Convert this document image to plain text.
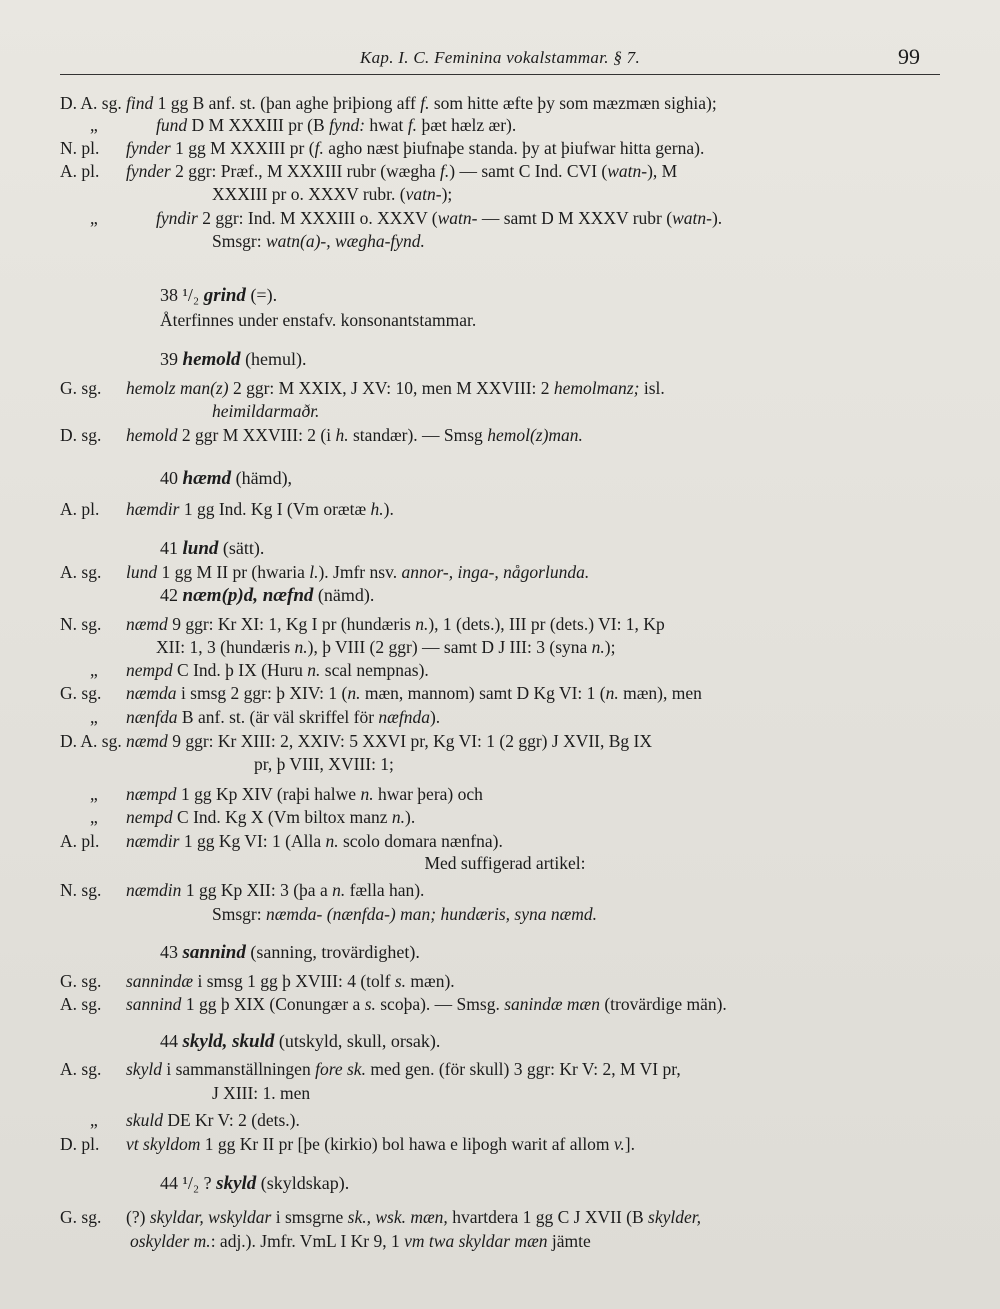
Kap. I. C. Feminina vokalstammar. § 7.	99
D. A. sg. find 1 gg B anf. st. (þan aghe þriþiong aff f. som hitte æfte þy som mæzmæn sighia);
„	fund D M XXXIII pr (B fynd: hwat f. þæt hælz ær).
N. pl. fynder 1 gg M XXXIII pr (f. agho næst þiufnaþe standa. þy at þiufwar hitta gerna).
A. pl. fynder 2 ggr: Præf., M XXXIII rubr (wægha f.) — samt C Ind. CVI (watn-), M
XXXIII pr o. XXXV rubr. (vatn-);
„	fyndir 2 ggr: Ind. M XXXIII o. XXXV (watn- — samt D M XXXV rubr (watn-).
Smsgr: watn(a)-, wægha-fynd.
38 ¹/₂ grind (=).
Återfinnes under enstafv. konsonantstammar.
39 hemold (hemul).
G. sg. hemolz man(z) 2 ggr: M XXIX, J XV: 10, men M XXVIII: 2 hemolmanz; isl.
heimildarmaðr.
D. sg. hemold 2 ggr M XXVIII: 2 (i h. standær). — Smsg hemol(z)man.
40 hæmd (hämd),
A. pl. hæmdir 1 gg Ind. Kg I (Vm orætæ h.).
41 lund (sätt).
A. sg. lund 1 gg M II pr (hwaria l.). Jmfr nsv. annor-, inga-, någorlunda.
42 næm(p)d, næfnd (nämd).
N. sg. næmd 9 ggr: Kr XI: 1, Kg I pr (hundæris n.), 1 (dets.), III pr (dets.) VI: 1, Kp
XII: 1, 3 (hundæris n.), þ VIII (2 ggr) — samt D J III: 3 (syna n.);
„ nempd C Ind. þ IX (Huru n. scal nempnas).
G. sg. næmda i smsg 2 ggr: þ XIV: 1 (n. mæn, mannom) samt D Kg VI: 1 (n. mæn), men
„ nænfda B anf. st. (är väl skriffel för næfnda).
D. A. sg. næmd 9 ggr: Kr XIII: 2, XXIV: 5 XXVI pr, Kg VI: 1 (2 ggr) J XVII, Bg IX
pr, þ VIII, XVIII: 1;
„ næmpd 1 gg Kp XIV (raþi halwe n. hwar þera) och
„ nempd C Ind. Kg X (Vm biltox manz n.).
A. pl. næmdir 1 gg Kg VI: 1 (Alla n. scolo domara nænfna).
Med suffigerad artikel:
N. sg. næmdin 1 gg Kp XII: 3 (þa a n. fælla han).
Smsgr: næmda- (nænfda-) man; hundæris, syna næmd.
43 sannind (sanning, trovärdighet).
G. sg. sannindæ i smsg 1 gg þ XVIII: 4 (tolf s. mæn).
A. sg. sannind 1 gg þ XIX (Conungær a s. scoþa). — Smsg. sanindæ mæn (trovärdige män).
44 skyld, skuld (utskyld, skull, orsak).
A. sg. skyld i sammanställningen fore sk. med gen. (för skull) 3 ggr: Kr V: 2, M VI pr,
J XIII: 1. men
„ skuld DE Kr V: 2 (dets.).
D. pl. vt skyldom 1 gg Kr II pr [þe (kirkio) bol hawa e liþogh warit af allom v.].
44 ¹/₂ ? skyld (skyldskap).
G. sg. (?) skyldar, wskyldar i smsgrne sk., wsk. mæn, hvartdera 1 gg C J XVII (B skylder,
oskylder m.: adj.). Jmfr. VmL I Kr 9, 1 vm twa skyldar mæn jämte
